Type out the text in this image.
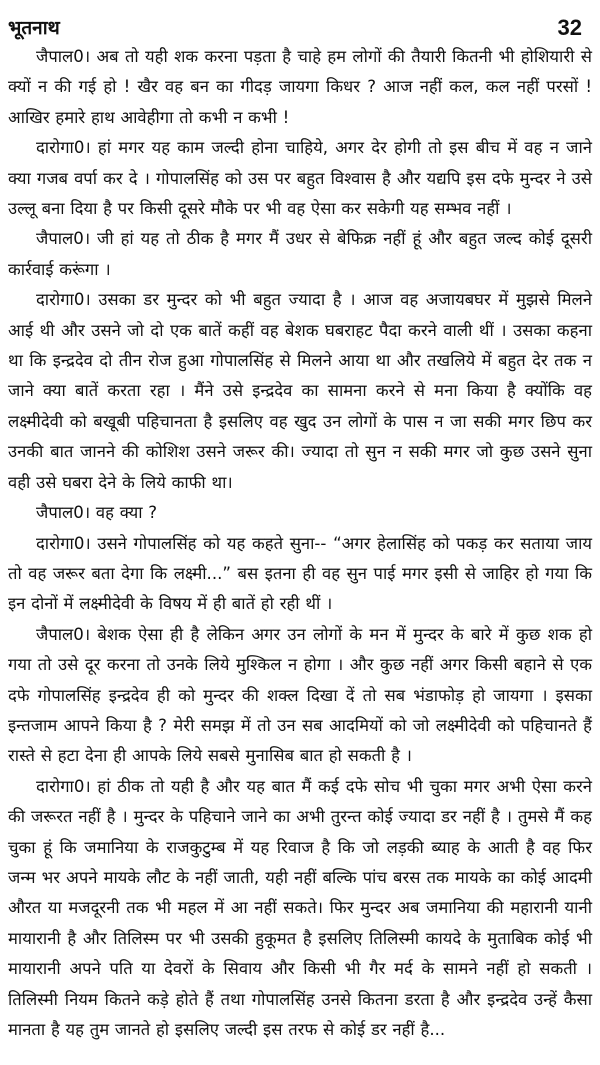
भूतनाथ	32

जैपाल0। अब तो यही शक करना पड़ता है चाहे हम लोगों की तैयारी कितनी भी होशियारी से क्यों न की गई हो ! खैर वह बन का गीदड़ जायगा किधर ? आज नहीं कल, कल नहीं परसों ! आखिर हमारे हाथ आवेहीगा तो कभी न कभी !

दारोगा0। हां मगर यह काम जल्दी होना चाहिये, अगर देर होगी तो इस बीच में वह न जाने क्या गजब वर्पा कर दे । गोपालसिंह को उस पर बहुत विश्वास है और यद्यपि इस दफे मुन्दर ने उसे उल्लू बना दिया है पर किसी दूसरे मौके पर भी वह ऐसा कर सकेगी यह सम्भव नहीं ।

जैपाल0। जी हां यह तो ठीक है मगर मैं उधर से बेफिक्र नहीं हूं और बहुत जल्द कोई दूसरी कार्रवाई करूंगा ।

दारोगा0। उसका डर मुन्दर को भी बहुत ज्यादा है । आज वह अजायबघर में मुझसे मिलने आई थी और उसने जो दो एक बातें कहीं वह बेशक घबराहट पैदा करने वाली थीं । उसका कहना था कि इन्द्रदेव दो तीन रोज हुआ गोपालसिंह से मिलने आया था और तखलिये में बहुत देर तक न जाने क्या बातें करता रहा । मैंने उसे इन्द्रदेव का सामना करने से मना किया है क्योंकि वह लक्ष्मीदेवी को बखूबी पहिचानता है इसलिए वह खुद उन लोगों के पास न जा सकी मगर छिप कर उनकी बात जानने की कोशिश उसने जरूर की। ज्यादा तो सुन न सकी मगर जो कुछ उसने सुना वही उसे घबरा देने के लिये काफी था।

जैपाल0। वह क्या ?

दारोगा0। उसने गोपालसिंह को यह कहते सुना-- “अगर हेलासिंह को पकड़ कर सताया जाय तो वह जरूर बता देगा कि लक्ष्मी...” बस इतना ही वह सुन पाई मगर इसी से जाहिर हो गया कि इन दोनों में लक्ष्मीदेवी के विषय में ही बातें हो रही थीं ।

जैपाल0। बेशक ऐसा ही है लेकिन अगर उन लोगों के मन में मुन्दर के बारे में कुछ शक हो गया तो उसे दूर करना तो उनके लिये मुश्किल न होगा । और कुछ नहीं अगर किसी बहाने से एक दफे गोपालसिंह इन्द्रदेव ही को मुन्दर की शक्ल दिखा दें तो सब भंडाफोड़ हो जायगा । इसका इन्तजाम आपने किया है ? मेरी समझ में तो उन सब आदमियों को जो लक्ष्मीदेवी को पहिचानते हैं रास्ते से हटा देना ही आपके लिये सबसे मुनासिब बात हो सकती है ।

दारोगा0। हां ठीक तो यही है और यह बात मैं कई दफे सोच भी चुका मगर अभी ऐसा करने की जरूरत नहीं है । मुन्दर के पहिचाने जाने का अभी तुरन्त कोई ज्यादा डर नहीं है । तुमसे मैं कह चुका हूं कि जमानिया के राजकुटुम्ब में यह रिवाज है कि जो लड़की ब्याह के आती है वह फिर जन्म भर अपने मायके लौट के नहीं जाती, यही नहीं बल्कि पांच बरस तक मायके का कोई आदमी औरत या मजदूरनी तक भी महल में आ नहीं सकते। फिर मुन्दर अब जमानिया की महारानी यानी मायारानी है और तिलिस्म पर भी उसकी हुकूमत है इसलिए तिलिस्मी कायदे के मुताबिक कोई भी मायारानी अपने पति या देवरों के सिवाय और किसी भी गैर मर्द के सामने नहीं हो सकती । तिलिस्मी नियम कितने कड़े होते हैं तथा गोपालसिंह उनसे कितना डरता है और इन्द्रदेव उन्हें कैसा मानता है यह तुम जानते हो इसलिए जल्दी इस तरफ से कोई डर नहीं है...
